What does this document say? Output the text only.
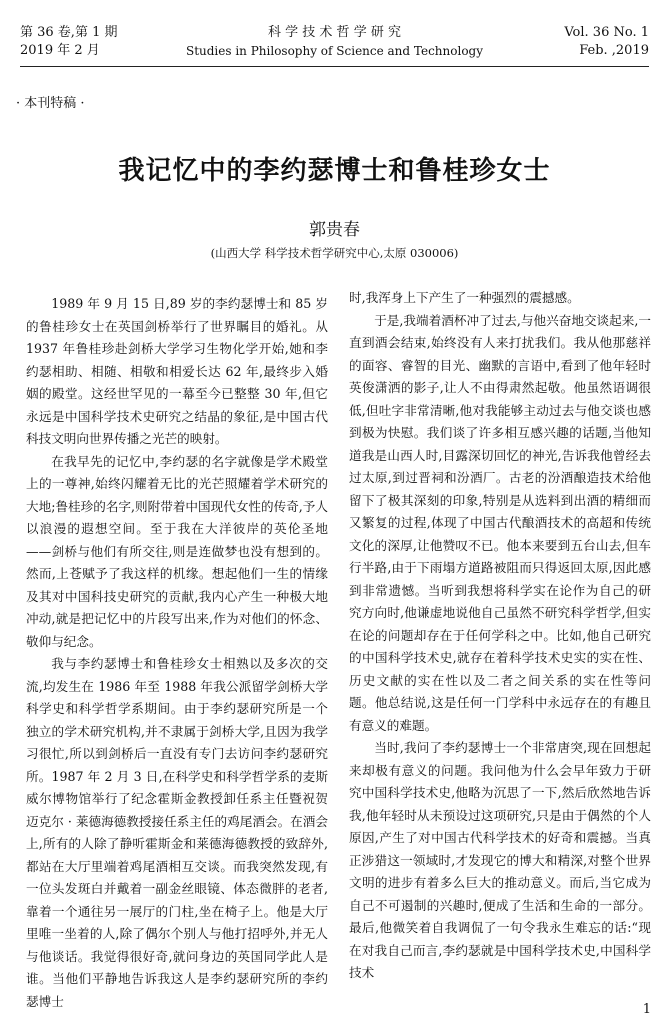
第 36 卷,第 1 期
2019 年 2 月
科 学 技 术 哲 学 研 究
Studies in Philosophy of Science and Technology
Vol. 36 No. 1
Feb. ,2019
· 本刊特稿 ·
我记忆中的李约瑟博士和鲁桂珍女士
郭贵春
(山西大学 科学技术哲学研究中心,太原 030006)

1989 年 9 月 15 日,89 岁的李约瑟博士和 85 岁的鲁桂珍女士在英国剑桥举行了世界瞩目的婚礼。从 1937 年鲁桂珍赴剑桥大学学习生物化学开始,她和李约瑟相助、相随、相敬和相爱长达 62 年,最终步入婚姻的殿堂。这经世罕见的一幕至今已整整 30 年,但它永远是中国科学技术史研究之结晶的象征,是中国古代科技文明向世界传播之光芒的映射。

在我早先的记忆中,李约瑟的名字就像是学术殿堂上的一尊神,始终闪耀着无比的光芒照耀着学术研究的大地;鲁桂珍的名字,则附带着中国现代女性的传奇,予人以浪漫的遐想空间。至于我在大洋彼岸的英伦圣地——剑桥与他们有所交往,则是连做梦也没有想到的。然而,上苍赋予了我这样的机缘。想起他们一生的情缘及其对中国科技史研究的贡献,我内心产生一种极大地冲动,就是把记忆中的片段写出来,作为对他们的怀念、敬仰与纪念。

我与李约瑟博士和鲁桂珍女士相熟以及多次的交流,均发生在 1986 年至 1988 年我公派留学剑桥大学科学史和科学哲学系期间。由于李约瑟研究所是一个独立的学术研究机构,并不隶属于剑桥大学,且因为我学习很忙,所以到剑桥后一直没有专门去访问李约瑟研究所。1987 年 2 月 3 日,在科学史和科学哲学系的麦斯威尔博物馆举行了纪念霍斯金教授卸任系主任暨祝贺迈克尔 · 莱德海德教授接任系主任的鸡尾酒会。在酒会上,所有的人除了静听霍斯金和莱德海德教授的致辞外,都站在大厅里端着鸡尾酒相互交谈。而我突然发现,有一位头发斑白并戴着一副金丝眼镜、体态微胖的老者,靠着一个通往另一展厅的门柱,坐在椅子上。他是大厅里唯一坐着的人,除了偶尔个别人与他打招呼外,并无人与他谈话。我觉得很好奇,就问身边的英国同学此人是谁。当他们平静地告诉我这人是李约瑟研究所的李约瑟博士

时,我浑身上下产生了一种强烈的震撼感。

于是,我端着酒杯冲了过去,与他兴奋地交谈起来,一直到酒会结束,始终没有人来打扰我们。我从他那慈祥的面容、睿智的目光、幽默的言语中,看到了他年轻时英俊潇洒的影子,让人不由得肃然起敬。他虽然语调很低,但吐字非常清晰,他对我能够主动过去与他交谈也感到极为快慰。我们谈了许多相互感兴趣的话题,当他知道我是山西人时,目露深切回忆的神光,告诉我他曾经去过太原,到过晋祠和汾酒厂。古老的汾酒酿造技术给他留下了极其深刻的印象,特别是从选料到出酒的精细而又繁复的过程,体现了中国古代酿酒技术的高超和传统文化的深厚,让他赞叹不已。他本来要到五台山去,但车行半路,由于下雨塌方道路被阻而只得返回太原,因此感到非常遗憾。当听到我想将科学实在论作为自己的研究方向时,他谦虚地说他自己虽然不研究科学哲学,但实在论的问题却存在于任何学科之中。比如,他自己研究的中国科学技术史,就存在着科学技术史实的实在性、历史文献的实在性以及二者之间关系的实在性等问题。他总结说,这是任何一门学科中永远存在的有趣且有意义的难题。

当时,我问了李约瑟博士一个非常唐突,现在回想起来却极有意义的问题。我问他为什么会早年致力于研究中国科学技术史,他略为沉思了一下,然后欣然地告诉我,他年轻时从未预设过这项研究,只是由于偶然的个人原因,产生了对中国古代科学技术的好奇和震撼。当真正涉猎这一领域时,才发现它的博大和精深,对整个世界文明的进步有着多么巨大的推动意义。而后,当它成为自己不可遏制的兴趣时,便成了生活和生命的一部分。最后,他微笑着自我调侃了一句令我永生难忘的话:“现在对我自己而言,李约瑟就是中国科学技术史,中国科学技术

1
